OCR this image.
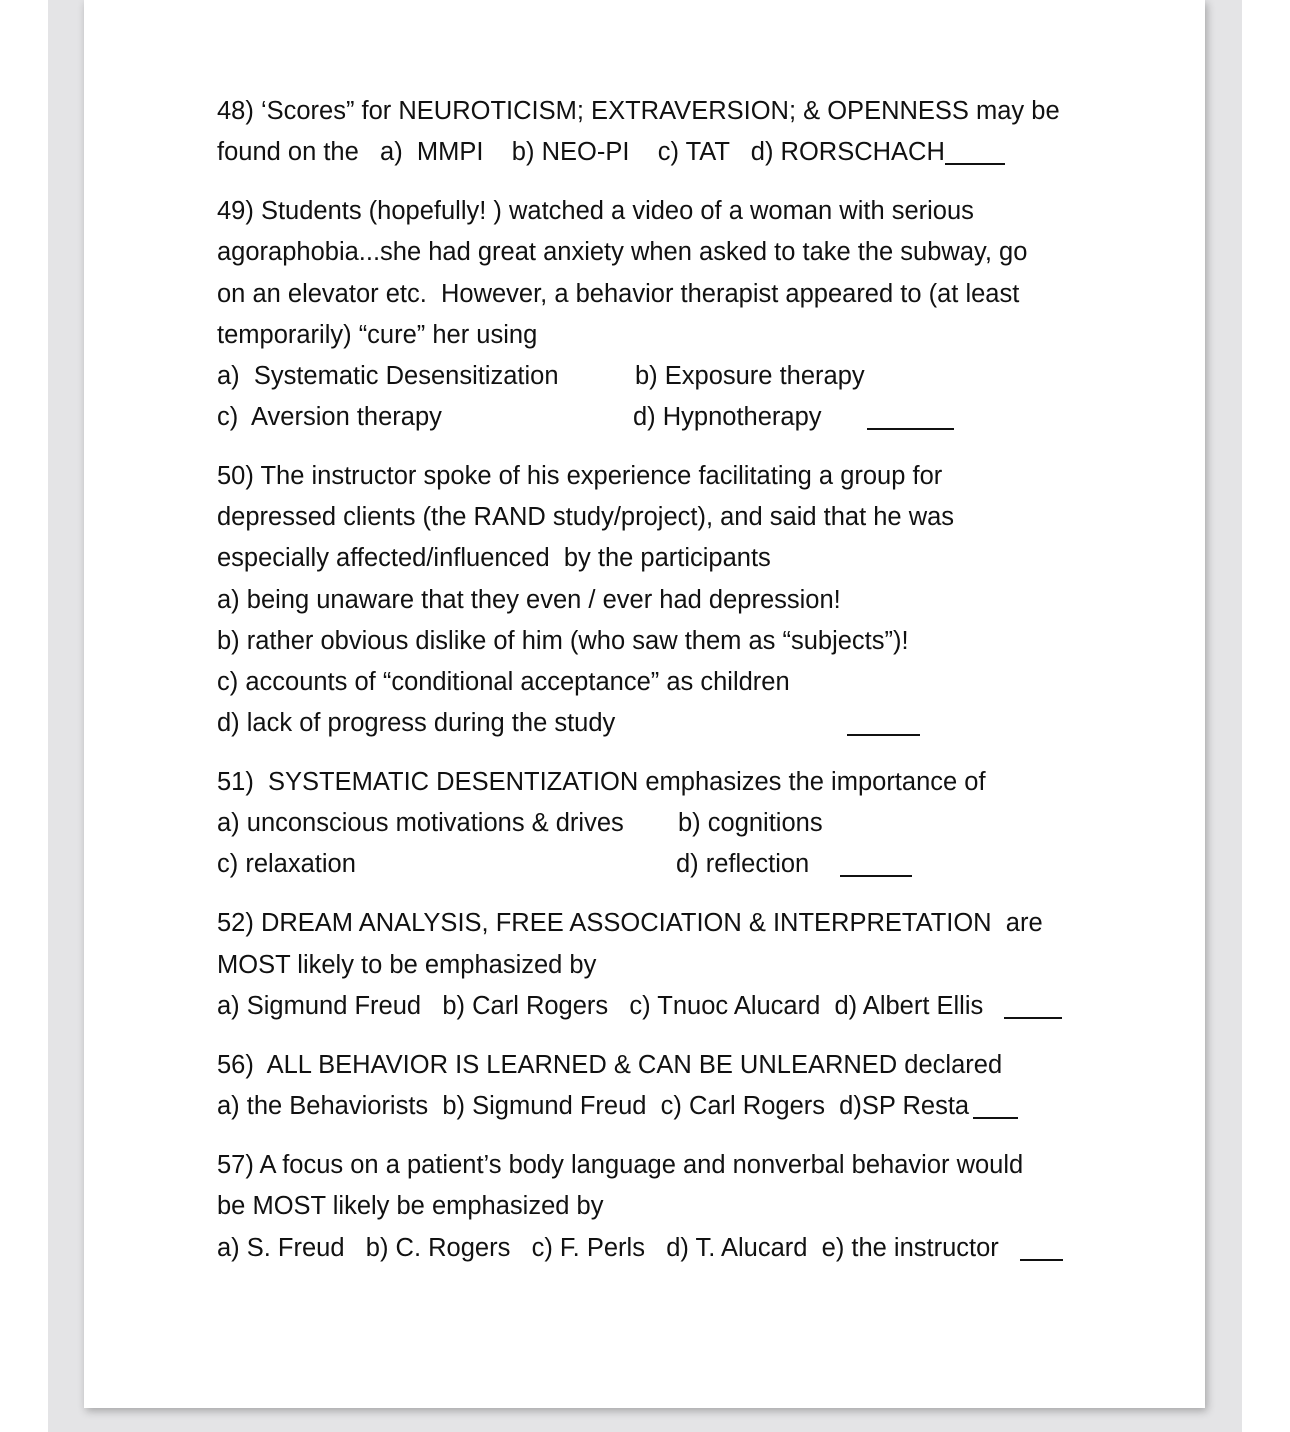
48) ‘Scores” for NEUROTICISM; EXTRAVERSION; & OPENNESS may be

found on the   a)  MMPI    b) NEO-PI    c) TAT   d) RORSCHACH

49) Students (hopefully! ) watched a video of a woman with serious

agoraphobia...she had great anxiety when asked to take the subway, go

on an elevator etc.  However, a behavior therapist appeared to (at least

temporarily) “cure” her using

a)  Systematic Desensitization	b) Exposure therapy

c)  Aversion therapy	d) Hypnotherapy

50) The instructor spoke of his experience facilitating a group for

depressed clients (the RAND study/project), and said that he was

especially affected/influenced  by the participants

a) being unaware that they even / ever had depression!

b) rather obvious dislike of him (who saw them as “subjects”)!

c) accounts of “conditional acceptance” as children

d) lack of progress during the study

51)  SYSTEMATIC DESENTIZATION emphasizes the importance of

a) unconscious motivations & drives b) cognitions

c) relaxation	d) reflection

52) DREAM ANALYSIS, FREE ASSOCIATION & INTERPRETATION  are

MOST likely to be emphasized by

a) Sigmund Freud   b) Carl Rogers   c) Tnuoc Alucard  d) Albert Ellis

56)  ALL BEHAVIOR IS LEARNED & CAN BE UNLEARNED declared

a) the Behaviorists  b) Sigmund Freud  c) Carl Rogers  d)SP Resta

57) A focus on a patient’s body language and nonverbal behavior would

be MOST likely be emphasized by

a) S. Freud   b) C. Rogers   c) F. Perls   d) T. Alucard  e) the instructor
